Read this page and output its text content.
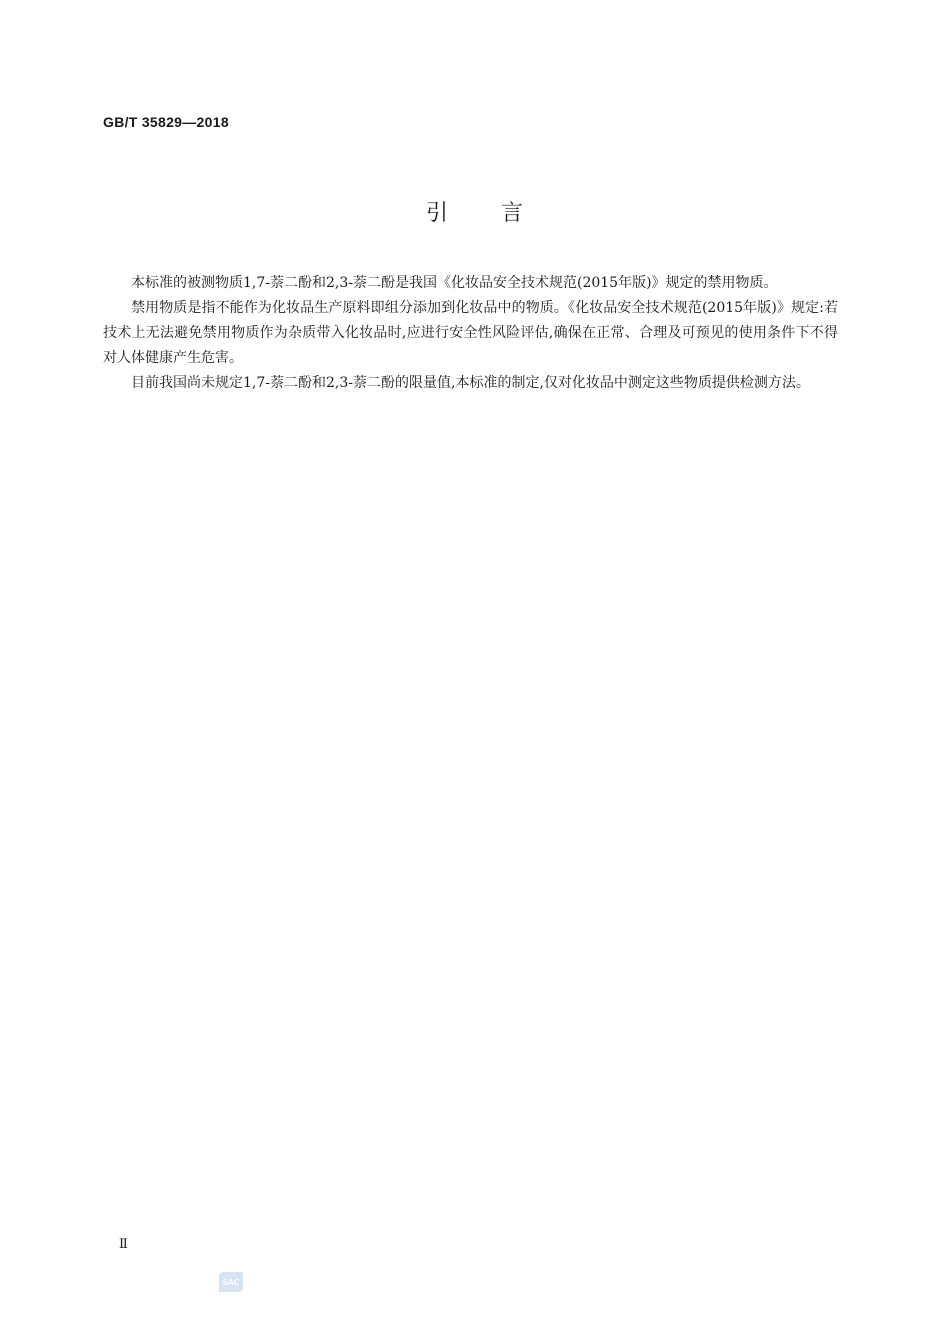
GB/T 35829—2018
引 言

本标准的被测物质1,7-萘二酚和2,3-萘二酚是我国《化妆品安全技术规范(2015年版)》规定的禁用物质。

禁用物质是指不能作为化妆品生产原料即组分添加到化妆品中的物质。《化妆品安全技术规范(2015年版)》规定:若技术上无法避免禁用物质作为杂质带入化妆品时,应进行安全性风险评估,确保在正常、合理及可预见的使用条件下不得对人体健康产生危害。

目前我国尚未规定1,7-萘二酚和2,3-萘二酚的限量值,本标准的制定,仅对化妆品中测定这些物质提供检测方法。

Ⅱ
SAC
